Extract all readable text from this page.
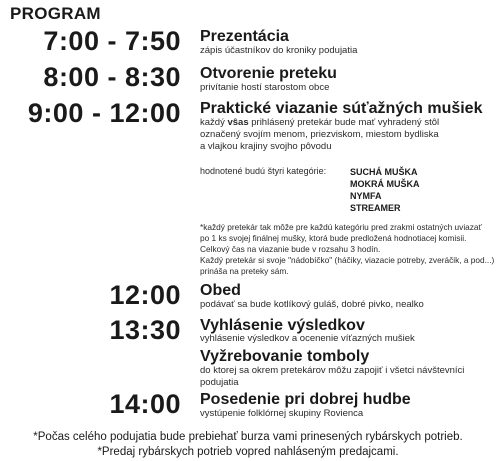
PROGRAM
7:00 - 7:50 Prezentácia
zápis účastníkov do kroniky podujatia
8:00 - 8:30 Otvorenie preteku
privítanie hostí starostom obce
9:00 - 12:00 Praktické viazanie súťažných mušiek
každý vŝas prihlásený pretekár bude mať vyhradený stôl
označený svojím menom, priezviskom, miestom bydliska
a vlajkou krajiny svojho pôvodu
hodnotené budú štyri kategórie:	SUCHÁ MUŠKA
MOKRÁ MUŠKA
NYMFA
STREAMER
*každý pretekár tak môže pre každú kategóriu pred zrakmi ostatných uviazať
po 1 ks svojej finálnej mušky, ktorá bude predložená hodnotiacej komisii.
Celkový čas na viazanie bude v rozsahu 3 hodín.
Každý pretekár si svoje "nádobíčko" (háčiky, viazacie potreby, zveráčik, a pod...)
prináša na preteky sám.
12:00 Obed
podávať sa bude kotlíkový guláš, dobré pivko, nealko
13:30 Vyhlásenie výsledkov
vyhlásenie výsledkov a ocenenie víťazných mušiek
Vyžrebovanie tomboly
do ktorej sa okrem pretekárov môžu zapojiť i všetci návštevníci
podujatia
14:00 Posedenie pri dobrej hudbe
vystúpenie folklórnej skupiny Rovienca
*Počas celého podujatia bude prebiehať burza vami prinesených rybárskych potrieb.
*Predaj rybárskych potrieb vopred nahláseným predajcami.
